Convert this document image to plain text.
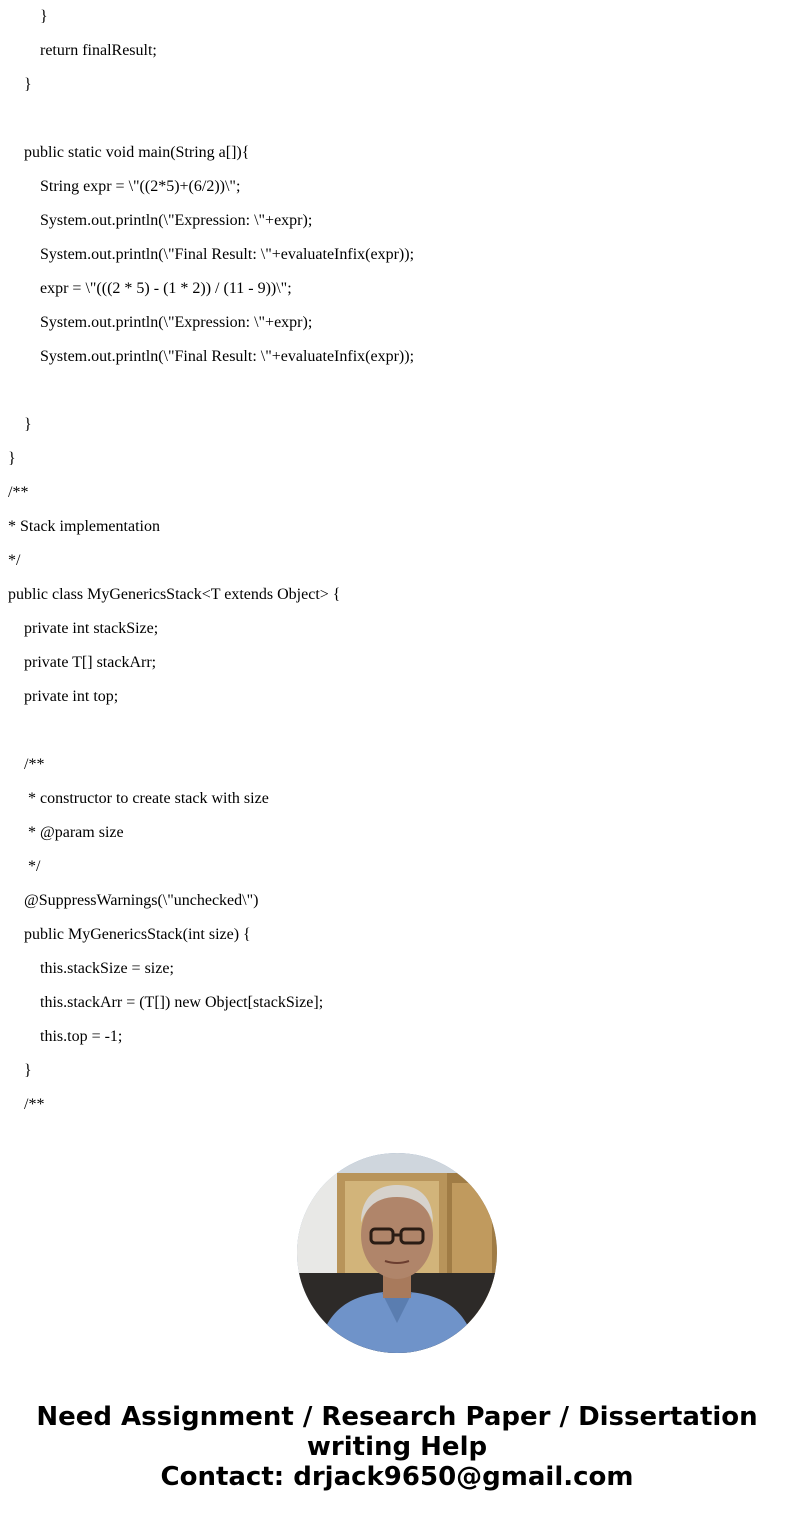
}
return finalResult;
}
public static void main(String a[]){
String expr = \"((2*5)+(6/2))\";
System.out.println(\"Expression: \"+expr);
System.out.println(\"Final Result: \"+evaluateInfix(expr));
expr = \"(((2 * 5) - (1 * 2)) / (11 - 9))\";
System.out.println(\"Expression: \"+expr);
System.out.println(\"Final Result: \"+evaluateInfix(expr));
}
}
/**
* Stack implementation
*/
public class MyGenericsStack<T extends Object> {
private int stackSize;
private T[] stackArr;
private int top;
/**
* constructor to create stack with size
* @param size
*/
@SuppressWarnings(\"unchecked\")
public MyGenericsStack(int size) {
this.stackSize = size;
this.stackArr = (T[]) new Object[stackSize];
this.top = -1;
}
/**
Need Assignment / Research Paper / Dissertation
writing Help
Contact: drjack9650@gmail.com
